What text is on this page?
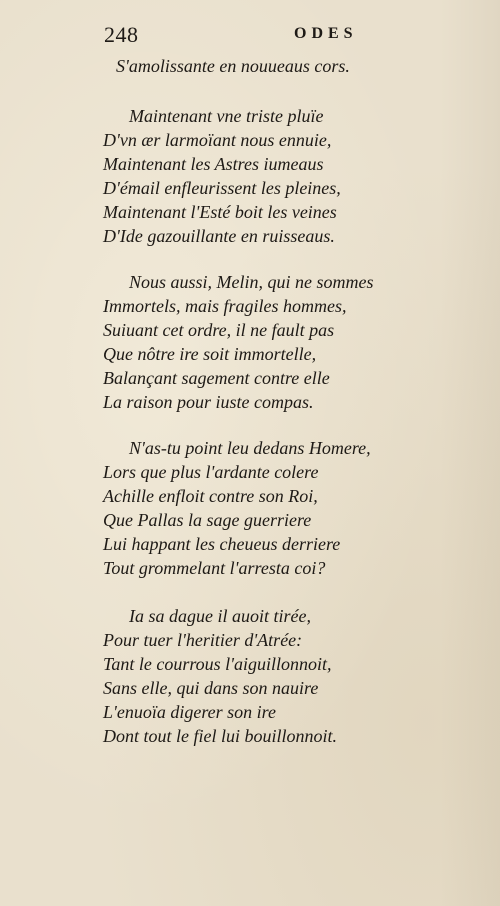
248	ODES
S'amolissante en nouueaus cors.
Maintenant vne triste pluïe
D'vn ær larmoïant nous ennuie,
Maintenant les Astres iumeaus
D'émail enfleurissent les pleines,
Maintenant l'Esté boit les veines
D'Ide gazouillante en ruisseaus.
Nous aussi, Melin, qui ne sommes
Immortels, mais fragiles hommes,
Suiuant cet ordre, il ne fault pas
Que nôtre ire soit immortelle,
Balançant sagement contre elle
La raison pour iuste compas.
N'as-tu point leu dedans Homere,
Lors que plus l'ardante colere
Achille enfloit contre son Roi,
Que Pallas la sage guerriere
Lui happant les cheueus derriere
Tout grommelant l'arresta coi?
Ia sa dague il auoit tirée,
Pour tuer l'heritier d'Atrée:
Tant le courrous l'aiguillonnoit,
Sans elle, qui dans son nauire
L'enuoïa digerer son ire
Dont tout le fiel lui bouillonnoit.
